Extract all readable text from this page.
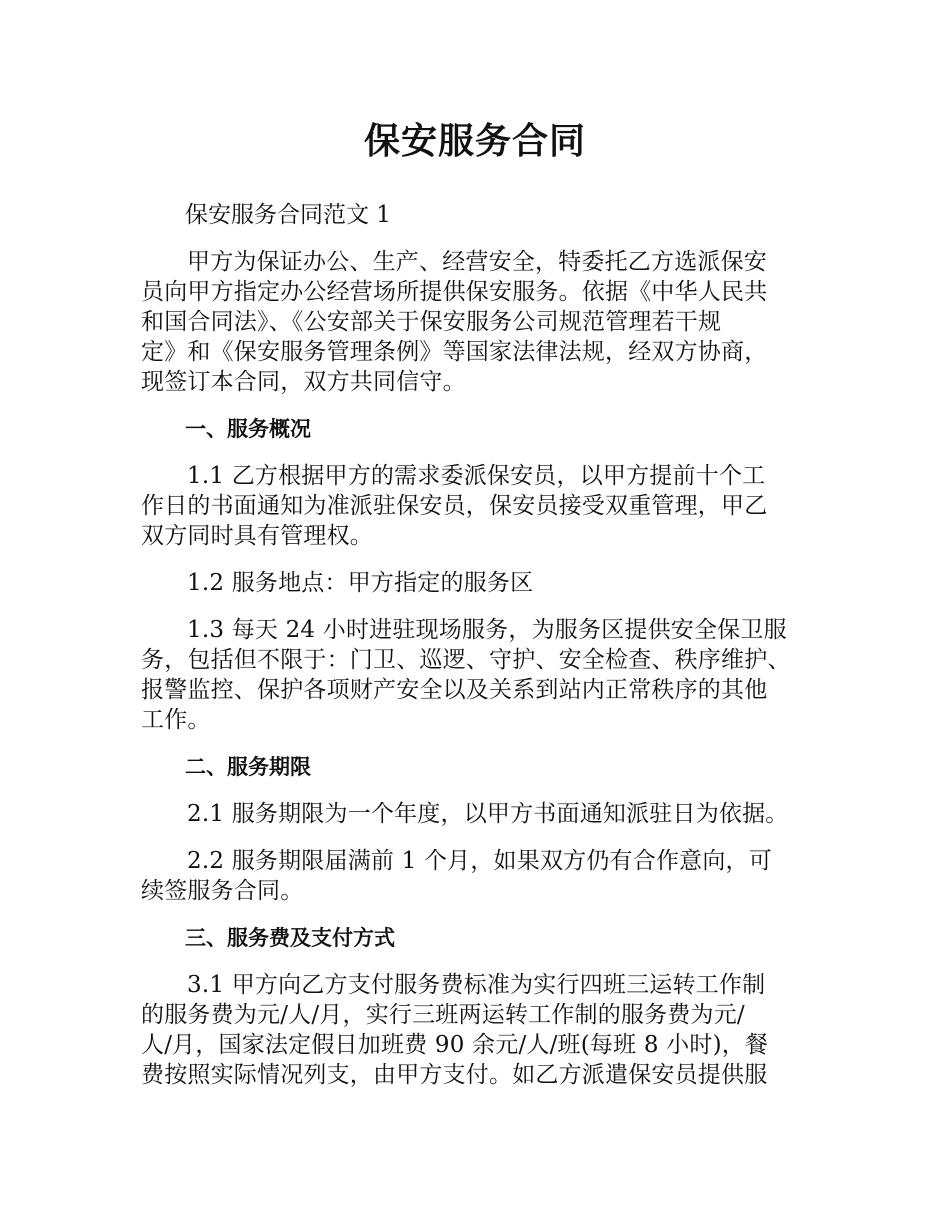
保安服务合同

保安服务合同范文 1

甲方为保证办公、生产、经营安全，特委托乙方选派保安
员向甲方指定办公经营场所提供保安服务。依据《中华人民共
和国合同法》、《公安部关于保安服务公司规范管理若干规
定》和《保安服务管理条例》等国家法律法规，经双方协商，
现签订本合同，双方共同信守。

一、服务概况

1.1 乙方根据甲方的需求委派保安员，以甲方提前十个工
作日的书面通知为准派驻保安员，保安员接受双重管理，甲乙
双方同时具有管理权。

1.2 服务地点：甲方指定的服务区

1.3 每天 24 小时进驻现场服务，为服务区提供安全保卫服
务，包括但不限于：门卫、巡逻、守护、安全检查、秩序维护、
报警监控、保护各项财产安全以及关系到站内正常秩序的其他
工作。

二、服务期限

2.1 服务期限为一个年度，以甲方书面通知派驻日为依据。

2.2 服务期限届满前 1 个月，如果双方仍有合作意向，可
续签服务合同。

三、服务费及支付方式

3.1 甲方向乙方支付服务费标准为实行四班三运转工作制
的服务费为元/人/月，实行三班两运转工作制的服务费为元/
人/月，国家法定假日加班费 90 余元/人/班(每班 8 小时)，餐
费按照实际情况列支，由甲方支付。如乙方派遣保安员提供服
